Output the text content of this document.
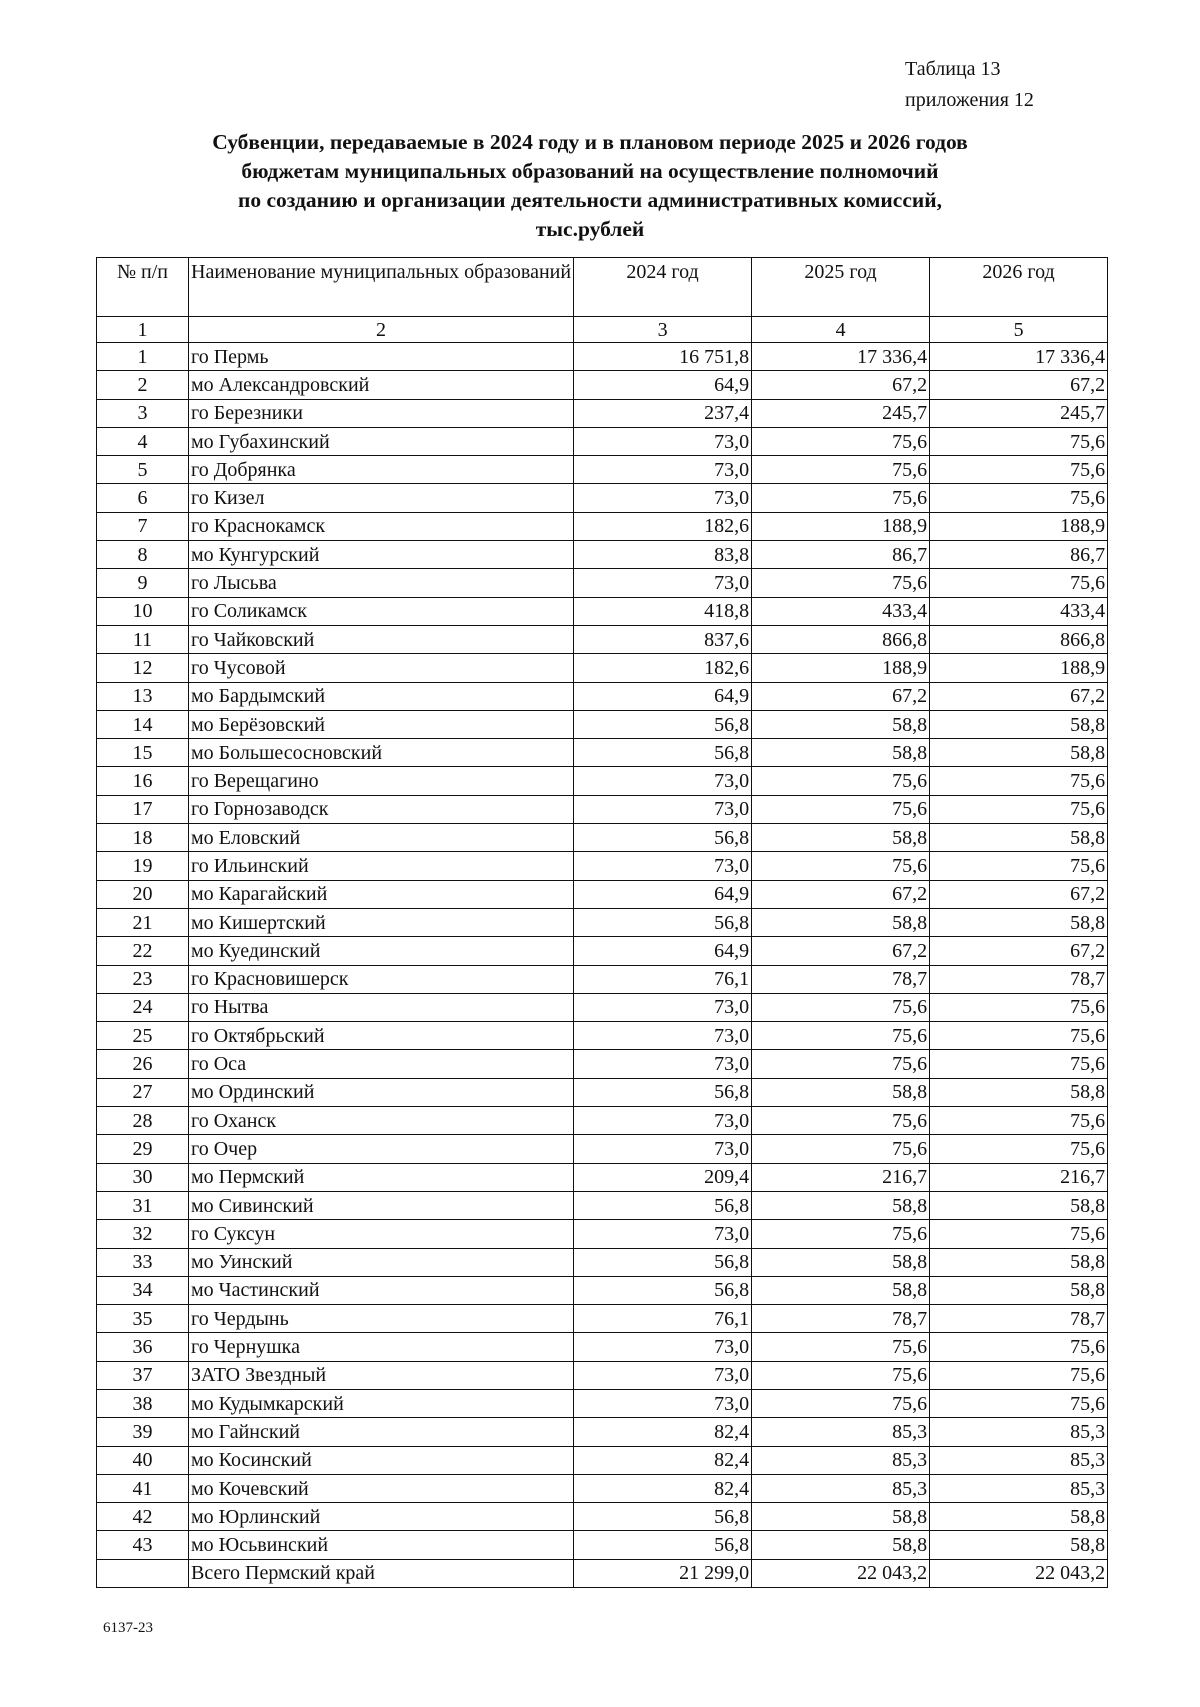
Таблица 13
приложения 12
Субвенции, передаваемые в 2024 году и в плановом периоде 2025 и 2026 годов
бюджетам муниципальных образований на осуществление полномочий
по созданию и организации деятельности административных комиссий,
тыс.рублей
№ п/п	Наименование муниципальных образований	2024 год	2025 год	2026 год
1	2	3	4	5
1	го Пермь	16 751,8	17 336,4	17 336,4
2	мо Александровский	64,9	67,2	67,2
3	го Березники	237,4	245,7	245,7
4	мо Губахинский	73,0	75,6	75,6
5	го Добрянка	73,0	75,6	75,6
6	го Кизел	73,0	75,6	75,6
7	го Краснокамск	182,6	188,9	188,9
8	мо Кунгурский	83,8	86,7	86,7
9	го Лысьва	73,0	75,6	75,6
10	го Соликамск	418,8	433,4	433,4
11	го Чайковский	837,6	866,8	866,8
12	го Чусовой	182,6	188,9	188,9
13	мо Бардымский	64,9	67,2	67,2
14	мо Берёзовский	56,8	58,8	58,8
15	мо Большесосновский	56,8	58,8	58,8
16	го Верещагино	73,0	75,6	75,6
17	го Горнозаводск	73,0	75,6	75,6
18	мо Еловский	56,8	58,8	58,8
19	го Ильинский	73,0	75,6	75,6
20	мо Карагайский	64,9	67,2	67,2
21	мо Кишертский	56,8	58,8	58,8
22	мо Куединский	64,9	67,2	67,2
23	го Красновишерск	76,1	78,7	78,7
24	го Нытва	73,0	75,6	75,6
25	го Октябрьский	73,0	75,6	75,6
26	го Оса	73,0	75,6	75,6
27	мо Ординский	56,8	58,8	58,8
28	го Оханск	73,0	75,6	75,6
29	го Очер	73,0	75,6	75,6
30	мо Пермский	209,4	216,7	216,7
31	мо Сивинский	56,8	58,8	58,8
32	го Суксун	73,0	75,6	75,6
33	мо Уинский	56,8	58,8	58,8
34	мо Частинский	56,8	58,8	58,8
35	го Чердынь	76,1	78,7	78,7
36	го Чернушка	73,0	75,6	75,6
37	ЗАТО Звездный	73,0	75,6	75,6
38	мо Кудымкарский	73,0	75,6	75,6
39	мо Гайнский	82,4	85,3	85,3
40	мо Косинский	82,4	85,3	85,3
41	мо Кочевский	82,4	85,3	85,3
42	мо Юрлинский	56,8	58,8	58,8
43	мо Юсьвинский	56,8	58,8	58,8
	Всего Пермский край	21 299,0	22 043,2	22 043,2
6137-23
